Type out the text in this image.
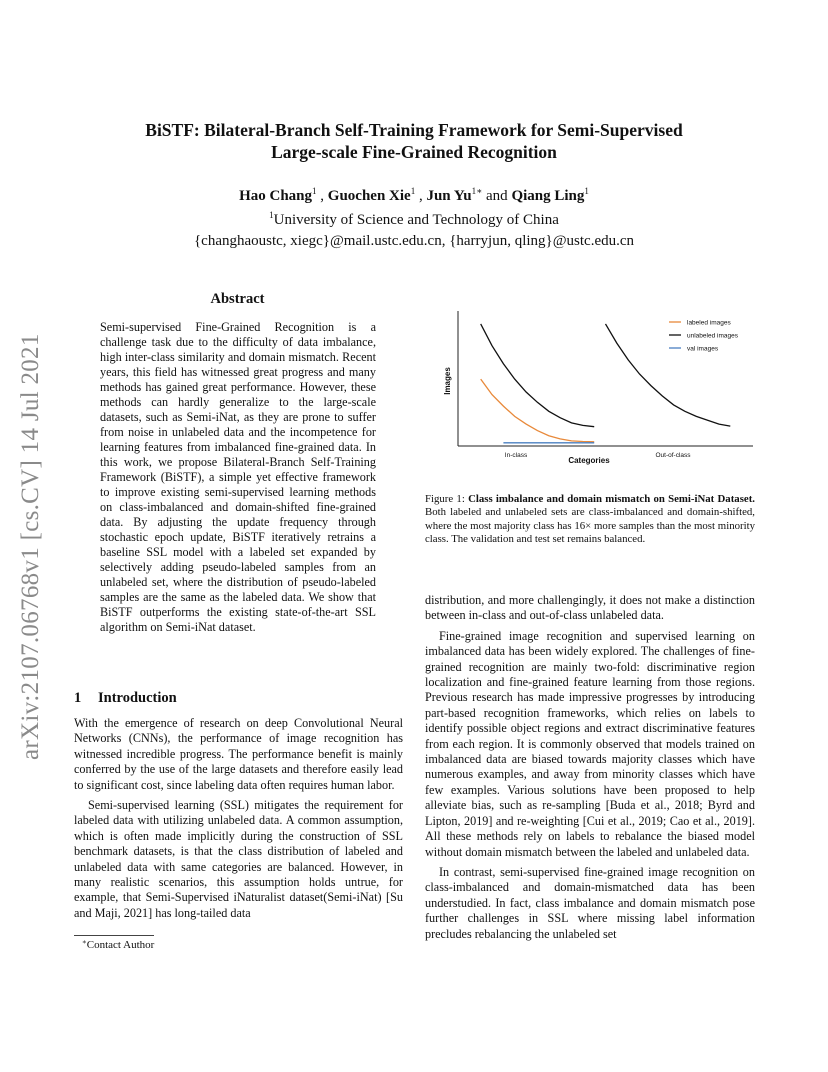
BiSTF: Bilateral-Branch Self-Training Framework for Semi-Supervised
Large-scale Fine-Grained Recognition
Hao Chang$^1$ , Guochen Xie$^1$ , Jun $Yu^{1∗}$ and Qiang Ling$^1$
$^1$University of Science and Technology of China
{changhaoustc, xiegc}@mail.ustc.edu.cn, {harryjun, qling}@ustc.edu.cn
arXiv:2107.06768v1 [cs.CV] 14 Jul 2021
Abstract
Semi-supervised Fine-Grained Recognition is a challenge task due to the difficulty of data imbalance, high inter-class similarity and domain mismatch. Recent years, this field has witnessed great progress and many methods has gained great performance. However, these methods can hardly generalize to the large-scale datasets, such as Semi-iNat, as they are prone to suffer from noise in unlabeled data and the incompetence for learning features from imbalanced fine-grained data. In this work, we propose Bilateral-Branch Self-Training Framework (BiSTF), a simple yet effective framework to improve existing semi-supervised learning methods on class-imbalanced and domain-shifted fine-grained data. By adjusting the update frequency through stochastic epoch update, BiSTF iteratively retrains a baseline SSL model with a labeled set expanded by selectively adding pseudo-labeled samples from an unlabeled set, where the distribution of pseudo-labeled samples are the same as the labeled data. We show that BiSTF outperforms the existing state-of-the-art SSL algorithm on Semi-iNat dataset.
1 Introduction

With the emergence of research on deep Convolutional Neural Networks (CNNs), the performance of image recognition has witnessed incredible progress. The performance benefit is mainly conferred by the use of the large datasets and therefore easily lead to significant cost, since labeling data often requires human labor.

Semi-supervised learning (SSL) mitigates the requirement for labeled data with utilizing unlabeled data. A common assumption, which is often made implicitly during the construction of SSL benchmark datasets, is that the class distribution of labeled and unlabeled data with same categories are balanced. However, in many realistic scenarios, this assumption holds untrue, for example, that Semi-Supervised iNaturalist dataset(Semi-iNat) [Su and Maji, 2021] has long-tailed data

∗Contact Author
Images
Categories
In-class	Out-of-class
labeled images
unlabeled images
val images
Figure 1: Class imbalance and domain mismatch on Semi-iNat Dataset. Both labeled and unlabeled sets are class-imbalanced and domain-shifted, where the most majority class has 16× more samples than the most minority class. The validation and test set remains balanced.

distribution, and more challengingly, it does not make a distinction between in-class and out-of-class unlabeled data.

Fine-grained image recognition and supervised learning on imbalanced data has been widely explored. The challenges of fine-grained recognition are mainly two-fold: discriminative region localization and fine-grained feature learning from those regions. Previous research has made impressive progresses by introducing part-based recognition frameworks, which relies on labels to identify possible object regions and extract discriminative features from each region. It is commonly observed that models trained on imbalanced data are biased towards majority classes which have numerous examples, and away from minority classes which have few examples. Various solutions have been proposed to help alleviate bias, such as re-sampling [Buda et al., 2018; Byrd and Lipton, 2019] and re-weighting [Cui et al., 2019; Cao et al., 2019]. All these methods rely on labels to rebalance the biased model without domain mismatch between the labeled and unlabeled data.

In contrast, semi-supervised fine-grained image recognition on class-imbalanced and domain-mismatched data has been understudied. In fact, class imbalance and domain mismatch pose further challenges in SSL where missing label information precludes rebalancing the unlabeled set
